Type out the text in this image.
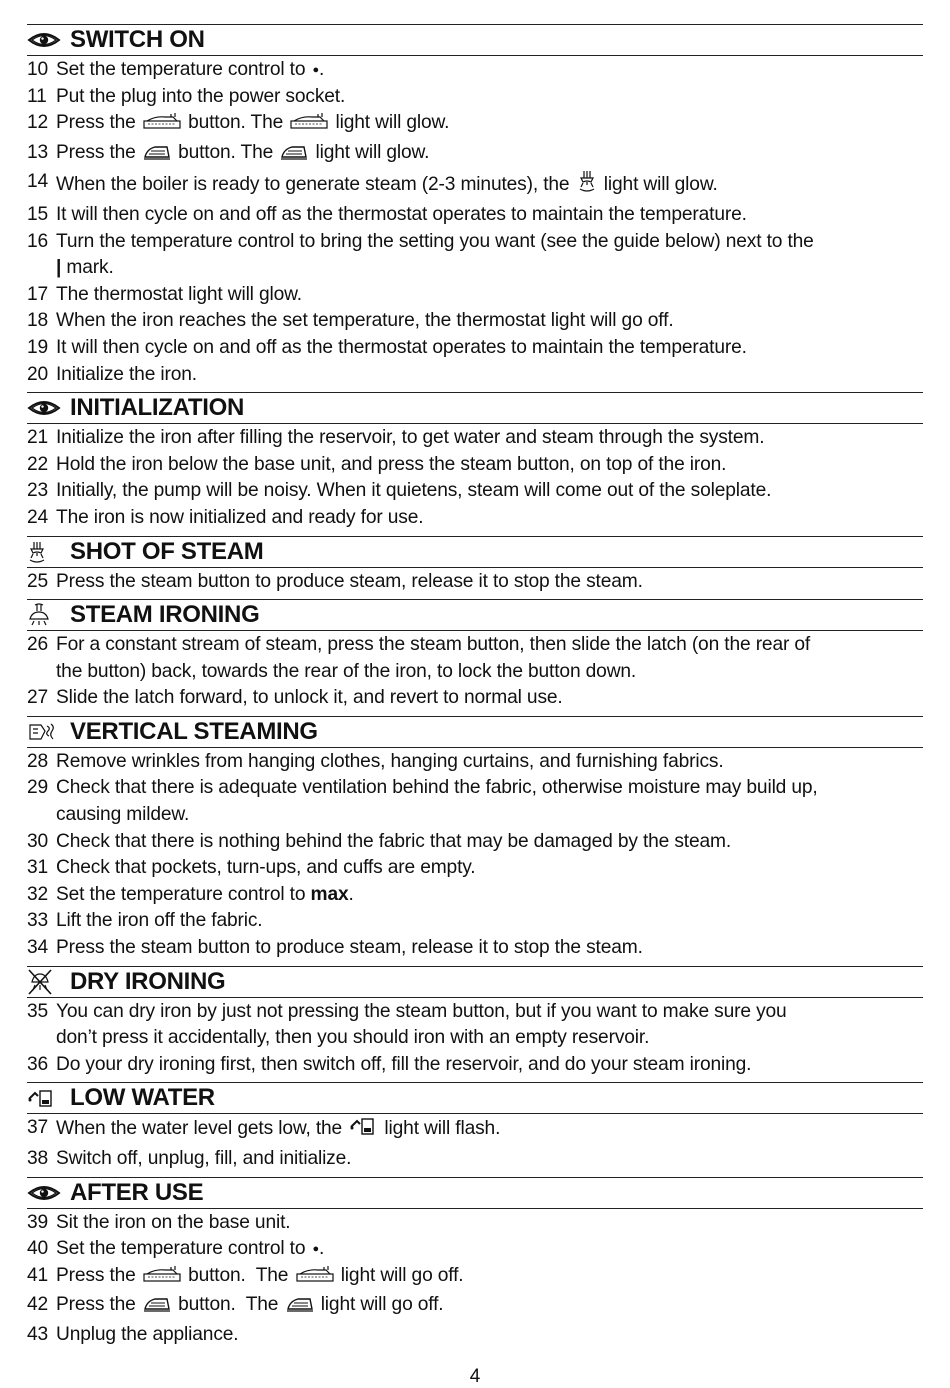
SWITCH ON
10 Set the temperature control to ●.
11 Put the plug into the power socket.
12 Press the  button. The  light will glow.
13 Press the  button. The  light will glow.
14 When the boiler is ready to generate steam (2-3 minutes), the  light will glow.
15 It will then cycle on and off as the thermostat operates to maintain the temperature.
16 Turn the temperature control to bring the setting you want (see the guide below) next to the
| mark.
17 The thermostat light will glow.
18 When the iron reaches the set temperature, the thermostat light will go off.
19 It will then cycle on and off as the thermostat operates to maintain the temperature.
20 Initialize the iron.
INITIALIZATION
21 Initialize the iron after filling the reservoir, to get water and steam through the system.
22 Hold the iron below the base unit, and press the steam button, on top of the iron.
23 Initially, the pump will be noisy. When it quietens, steam will come out of the soleplate.
24 The iron is now initialized and ready for use.
SHOT OF STEAM
25 Press the steam button to produce steam, release it to stop the steam.
STEAM IRONING
26 For a constant stream of steam, press the steam button, then slide the latch (on the rear of
the button) back, towards the rear of the iron, to lock the button down.
27 Slide the latch forward, to unlock it, and revert to normal use.
VERTICAL STEAMING
28 Remove wrinkles from hanging clothes, hanging curtains, and furnishing fabrics.
29 Check that there is adequate ventilation behind the fabric, otherwise moisture may build up,
causing mildew.
30 Check that there is nothing behind the fabric that may be damaged by the steam.
31 Check that pockets, turn-ups, and cuffs are empty.
32 Set the temperature control to max.
33 Lift the iron off the fabric.
34 Press the steam button to produce steam, release it to stop the steam.
DRY IRONING
35 You can dry iron by just not pressing the steam button, but if you want to make sure you
don’t press it accidentally, then you should iron with an empty reservoir.
36 Do your dry ironing first, then switch off, fill the reservoir, and do your steam ironing.
LOW WATER
37 When the water level gets low, the  light will flash.
38 Switch off, unplug, fill, and initialize.
AFTER USE
39 Sit the iron on the base unit.
40 Set the temperature control to ●.
41 Press the  button.  The  light will go off.
42 Press the  button.  The  light will go off.
43 Unplug the appliance.
4
